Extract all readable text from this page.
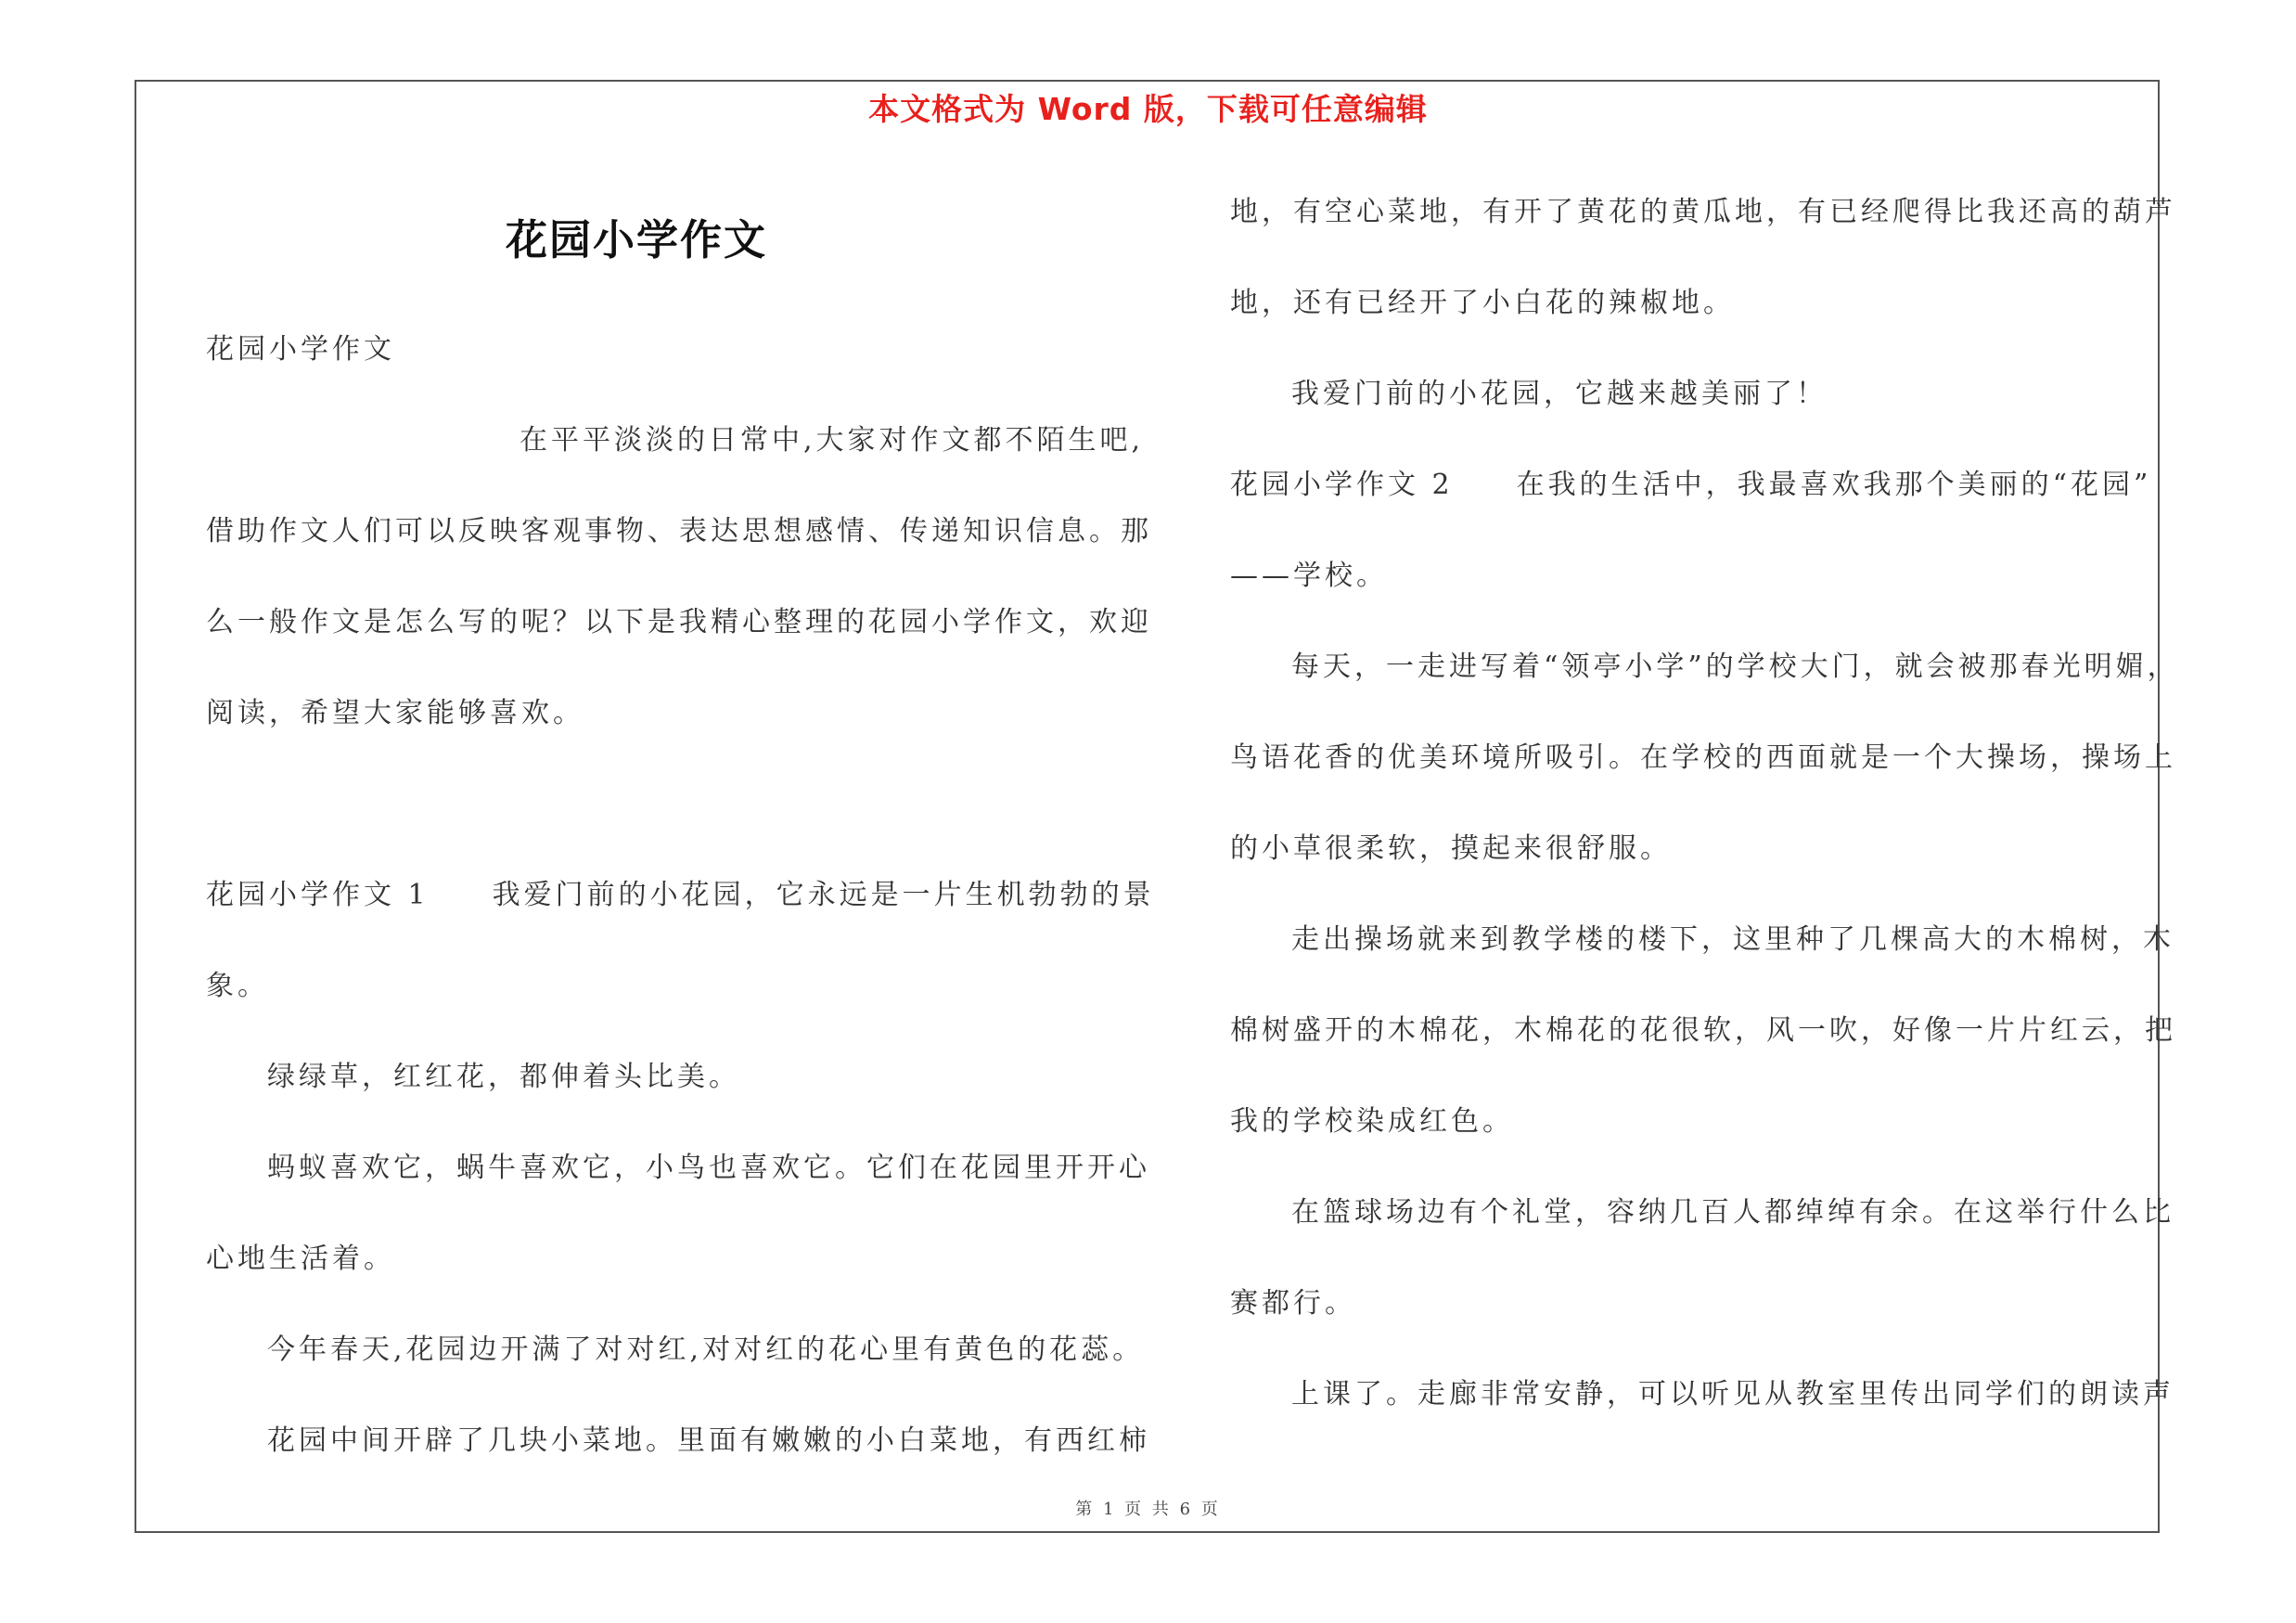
本文格式为 Word 版，下载可任意编辑
花园小学作文
花园小学作文
在平平淡淡的日常中,大家对作文都不陌生吧,
借助作文人们可以反映客观事物、表达思想感情、传递知识信息。那
么一般作文是怎么写的呢？以下是我精心整理的花园小学作文，欢迎
阅读，希望大家能够喜欢。
花园小学作文 1　　我爱门前的小花园，它永远是一片生机勃勃的景
象。
绿绿草，红红花，都伸着头比美。
蚂蚁喜欢它，蜗牛喜欢它，小鸟也喜欢它。它们在花园里开开心
心地生活着。
今年春天,花园边开满了对对红,对对红的花心里有黄色的花蕊。
花园中间开辟了几块小菜地。里面有嫩嫩的小白菜地，有西红柿
地，有空心菜地，有开了黄花的黄瓜地，有已经爬得比我还高的葫芦
地，还有已经开了小白花的辣椒地。
我爱门前的小花园，它越来越美丽了！
花园小学作文 2　　在我的生活中，我最喜欢我那个美丽的“花园”
——学校。
每天，一走进写着“领亭小学”的学校大门，就会被那春光明媚，
鸟语花香的优美环境所吸引。在学校的西面就是一个大操场，操场上
的小草很柔软，摸起来很舒服。
走出操场就来到教学楼的楼下，这里种了几棵高大的木棉树，木
棉树盛开的木棉花，木棉花的花很软，风一吹，好像一片片红云，把
我的学校染成红色。
在篮球场边有个礼堂，容纳几百人都绰绰有余。在这举行什么比
赛都行。
上课了。走廊非常安静，可以听见从教室里传出同学们的朗读声
第 1 页 共 6 页
